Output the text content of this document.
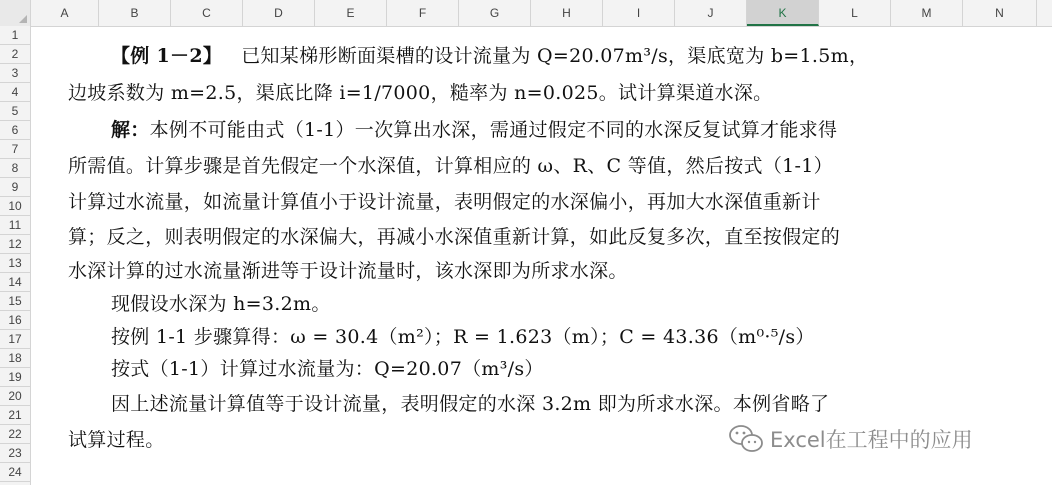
A	B	C	D	E	F	G	H	I	J	K	L	M	N
1
2
3
4
5
6
7
8
9
10
11
12
13
14
15
16
17
18
19
20
21
22
23
24
【例 1－2】 已知某梯形断面渠槽的设计流量为 Q=20.07m³/s，渠底宽为 b=1.5m，
边坡系数为 m=2.5，渠底比降 i=1/7000，糙率为 n=0.025。试计算渠道水深。
解：本例不可能由式（1-1）一次算出水深，需通过假定不同的水深反复试算才能求得
所需值。计算步骤是首先假定一个水深值，计算相应的 ω、R、C 等值，然后按式（1-1）
计算过水流量，如流量计算值小于设计流量，表明假定的水深偏小，再加大水深值重新计
算；反之，则表明假定的水深偏大，再减小水深值重新计算，如此反复多次，直至按假定的
水深计算的过水流量渐进等于设计流量时，该水深即为所求水深。
现假设水深为 h=3.2m。
按例 1-1 步骤算得：ω = 30.4（m²）；R = 1.623（m）；C = 43.36（m⁰·⁵/s）
按式（1-1）计算过水流量为：Q=20.07（m³/s）
因上述流量计算值等于设计流量，表明假定的水深 3.2m 即为所求水深。本例省略了
试算过程。	Excel在工程中的应用
